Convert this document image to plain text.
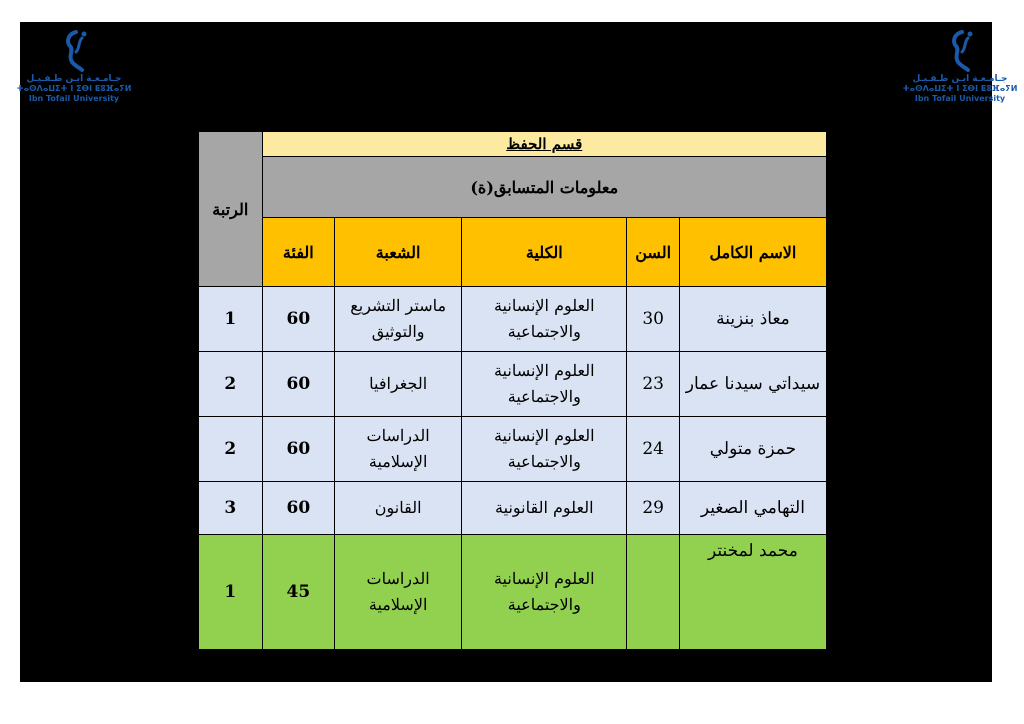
جـامـعـة ابـن طـفـيـل
ⵜⴰⵙⴷⴰⵡⵉⵜ ⵏ ⵉⴱⵏ ⵟⵓⴼⴰⵢⵍ
Ibn Tofail University
جـامـعـة ابـن طـفـيـل
ⵜⴰⵙⴷⴰⵡⵉⵜ ⵏ ⵉⴱⵏ ⵟⵓⴼⴰⵢⵍ
Ibn Tofail University
قسم الحفظ					الرتبة
معلومات المتسابق(ة)					
الاسم الكامل	السن	الكلية	الشعبة	الفئة	
معاذ بنزينة	30	العلوم الإنسانية والاجتماعية	ماستر التشريع والتوثيق	60	1
سيداتي سيدنا عمار	23	العلوم الإنسانية والاجتماعية	الجغرافيا	60	2
حمزة متولي	24	العلوم الإنسانية والاجتماعية	الدراسات الإسلامية	60	2
التهامي الصغير	29	العلوم القانونية	القانون	60	3
محمد لمخنتر		العلوم الإنسانية والاجتماعية	الدراسات الإسلامية	45	1
